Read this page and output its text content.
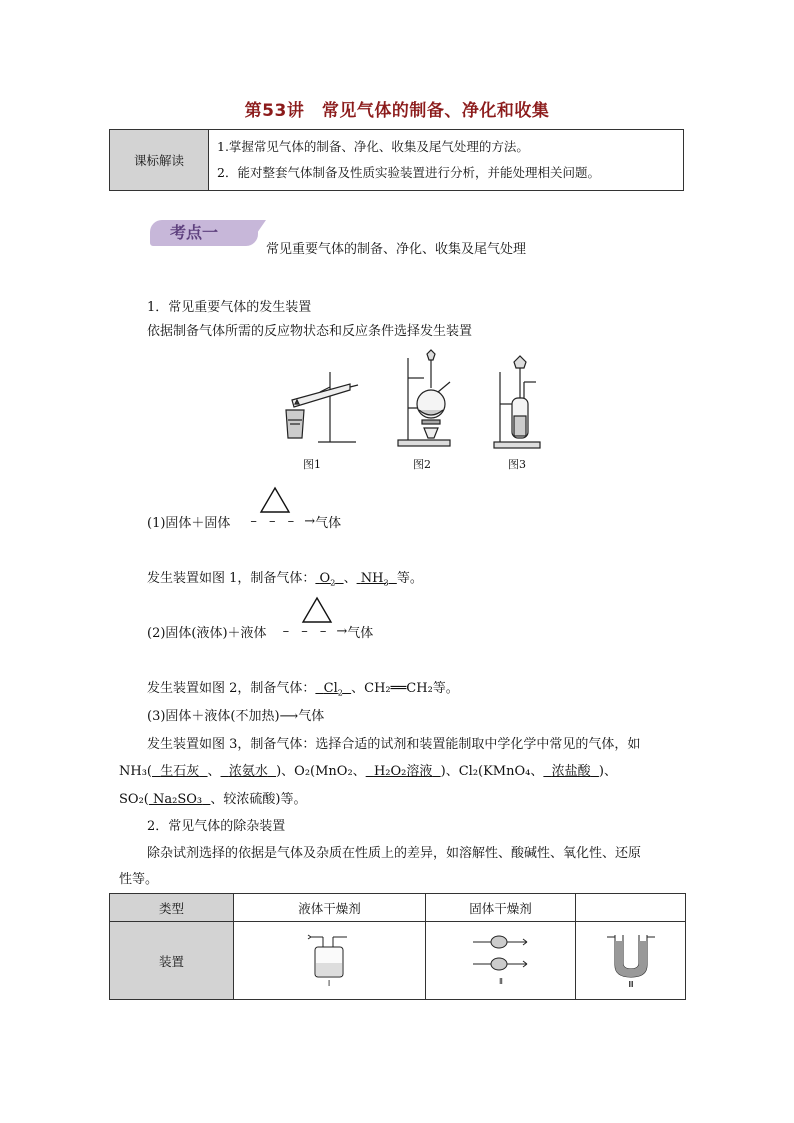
第53讲　常见气体的制备、净化和收集
课标解读	
1.掌握常见气体的制备、净化、收集及尾气处理的方法。
2．能对整套气体制备及性质实验装置进行分析，并能处理相关问题。
考点一
常见重要气体的制备、净化、收集及尾气处理
1．常见重要气体的发生装置
依据制备气体所需的反应物状态和反应条件选择发生装置
图1	图2	图3
(1)固体＋固体 – – – → 气体
发生装置如图 1，制备气体： $O_2$ 、 $NH_3$ 等。
(2)固体(液体)＋液体 – – – → 气体
发生装置如图 2，制备气体： $Cl_2$ 、CH₂══CH₂等。
(3)固体＋液体(不加热)⟶气体
发生装置如图 3，制备气体：选择合适的试剂和装置能制取中学化学中常见的气体，如
NH₃( 生石灰 、 浓氨水 )、O₂(MnO₂、 H₂O₂溶液 )、Cl₂(KMnO₄、 浓盐酸 )、
SO₂( Na₂SO₃ 、较浓硫酸)等。
2．常见气体的除杂装置
除杂试剂选择的依据是气体及杂质在性质上的差异，如溶解性、酸碱性、氧化性、还原
性等。
类型	液体干燥剂	固体干燥剂	
装置	Ⅰ	Ⅱ	Ⅲ
